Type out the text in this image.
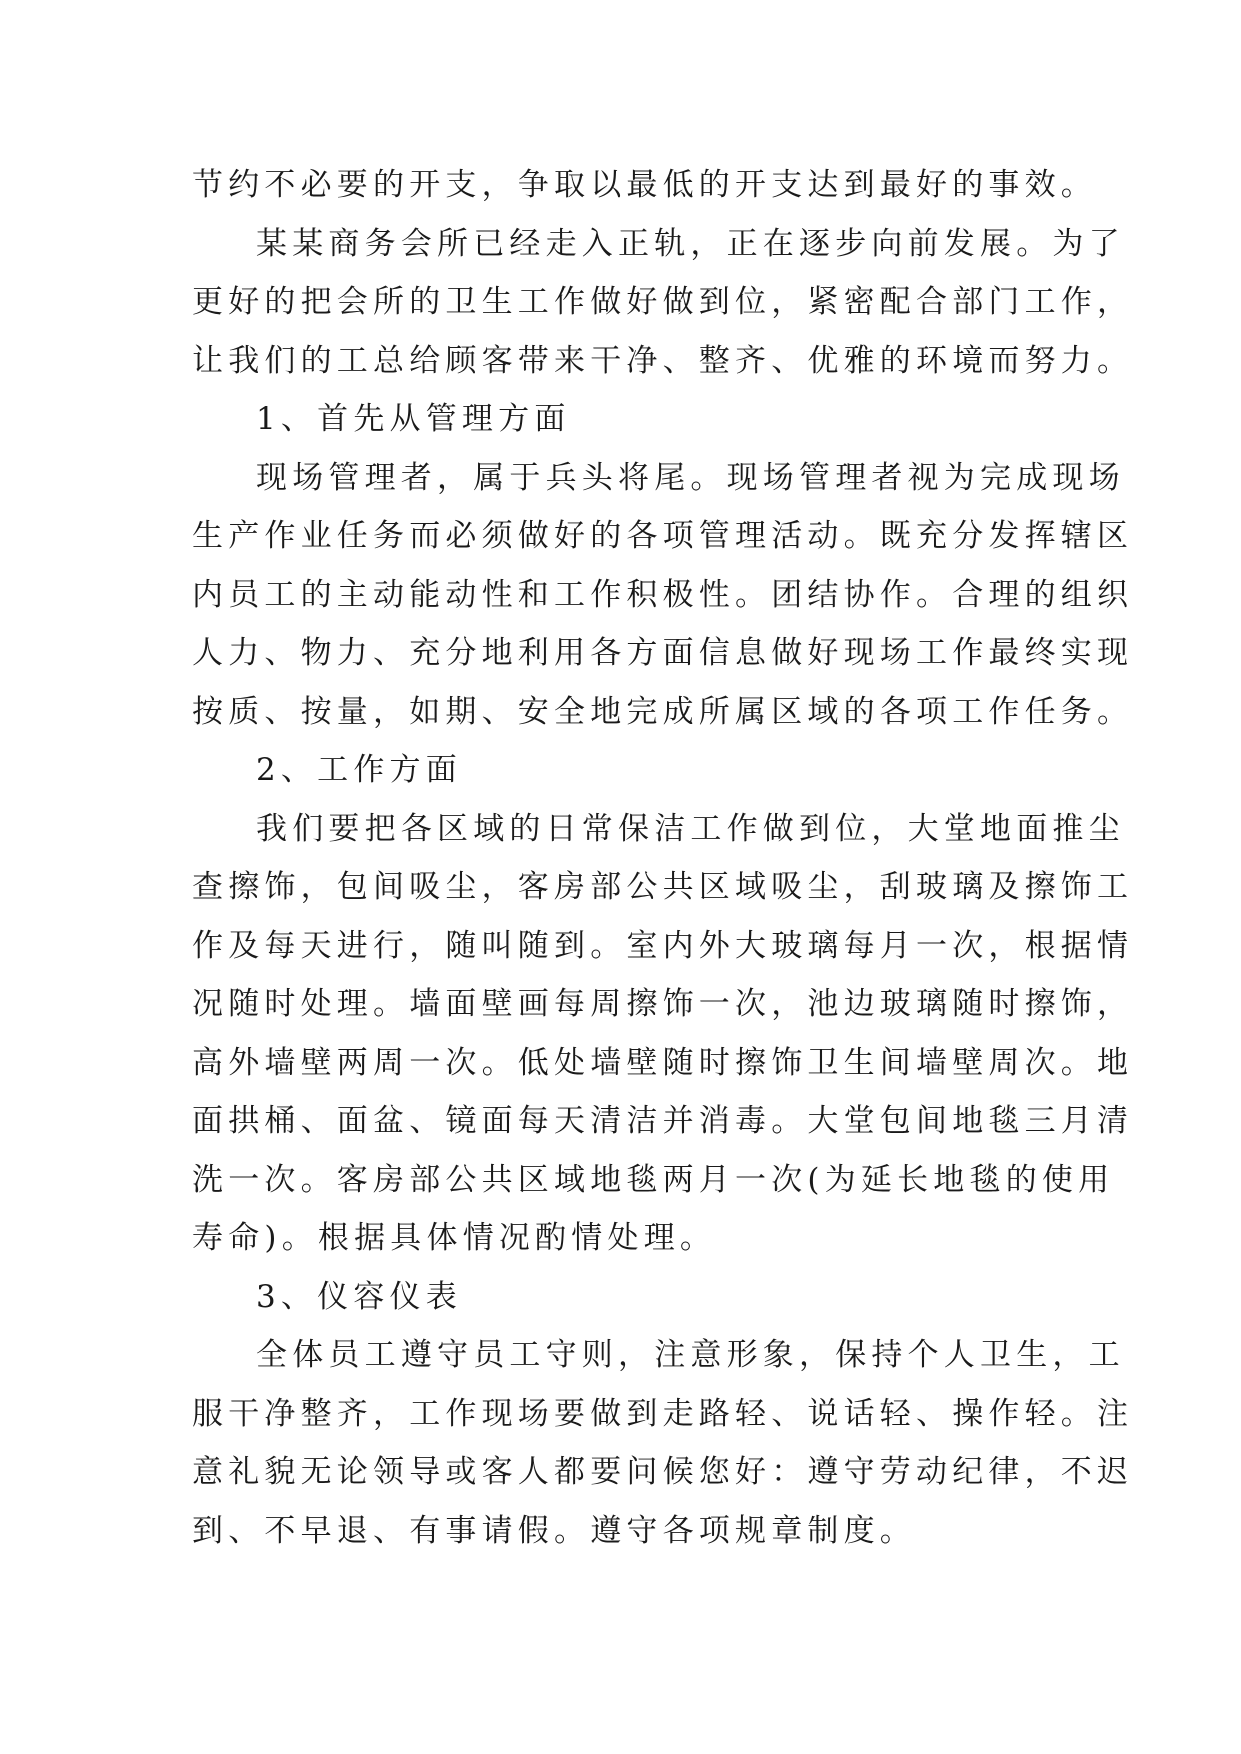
节约不必要的开支，争取以最低的开支达到最好的事效。
某某商务会所已经走入正轨，正在逐步向前发展。为了
更好的把会所的卫生工作做好做到位，紧密配合部门工作，
让我们的工总给顾客带来干净、整齐、优雅的环境而努力。
1、首先从管理方面
现场管理者，属于兵头将尾。现场管理者视为完成现场
生产作业任务而必须做好的各项管理活动。既充分发挥辖区
内员工的主动能动性和工作积极性。团结协作。合理的组织
人力、物力、充分地利用各方面信息做好现场工作最终实现
按质、按量，如期、安全地完成所属区域的各项工作任务。
2、工作方面
我们要把各区域的日常保洁工作做到位，大堂地面推尘
查擦饰，包间吸尘，客房部公共区域吸尘，刮玻璃及擦饰工
作及每天进行，随叫随到。室内外大玻璃每月一次，根据情
况随时处理。墙面壁画每周擦饰一次，池边玻璃随时擦饰，
高外墙壁两周一次。低处墙壁随时擦饰卫生间墙壁周次。地
面拱桶、面盆、镜面每天清洁并消毒。大堂包间地毯三月清
洗一次。客房部公共区域地毯两月一次(为延长地毯的使用
寿命)。根据具体情况酌情处理。
3、仪容仪表
全体员工遵守员工守则，注意形象，保持个人卫生，工
服干净整齐，工作现场要做到走路轻、说话轻、操作轻。注
意礼貌无论领导或客人都要问候您好：遵守劳动纪律，不迟
到、不早退、有事请假。遵守各项规章制度。
